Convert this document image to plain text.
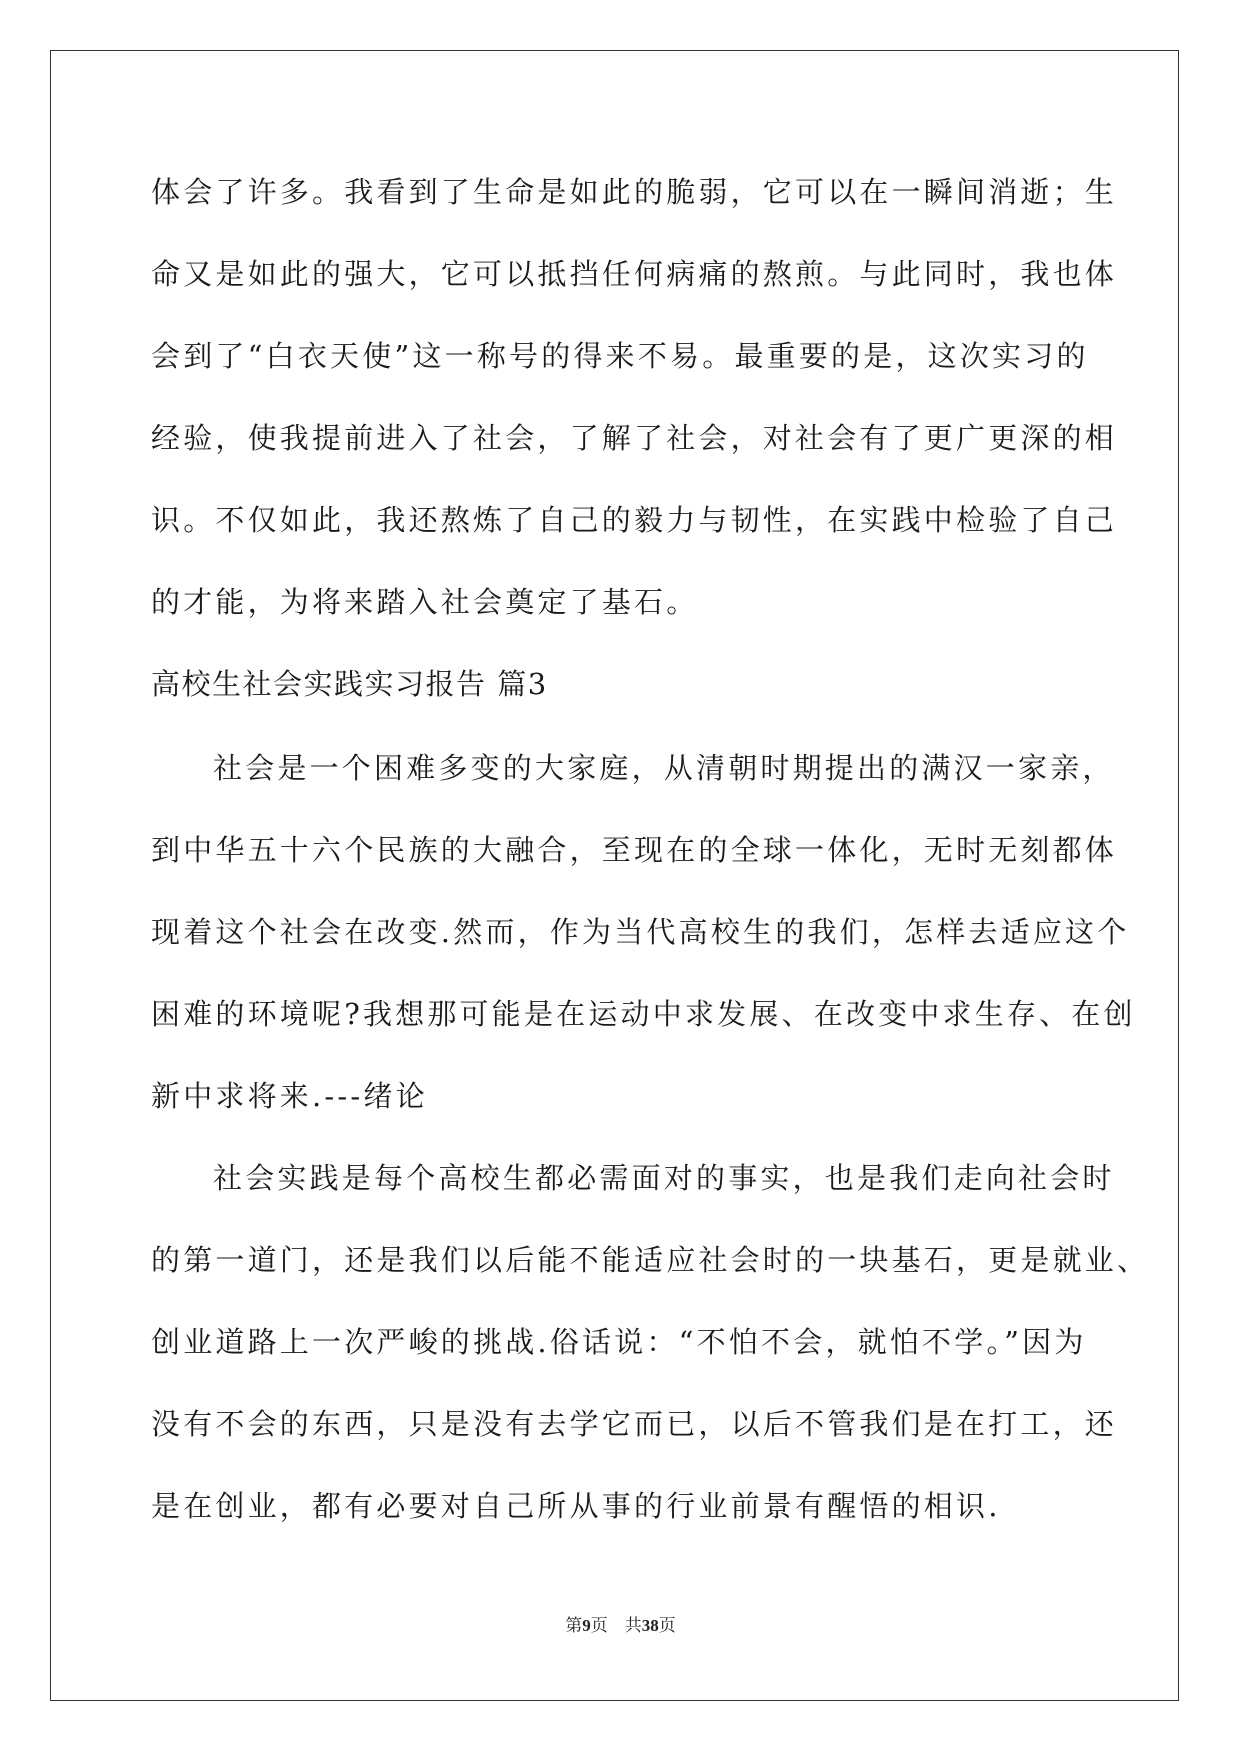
体会了许多。我看到了生命是如此的脆弱，它可以在一瞬间消逝；生
命又是如此的强大，它可以抵挡任何病痛的熬煎。与此同时，我也体
会到了“白衣天使”这一称号的得来不易。最重要的是，这次实习的
经验，使我提前进入了社会，了解了社会，对社会有了更广更深的相
识。不仅如此，我还熬炼了自己的毅力与韧性，在实践中检验了自己
的才能，为将来踏入社会奠定了基石。
高校生社会实践实习报告 篇3
社会是一个困难多变的大家庭，从清朝时期提出的满汉一家亲，
到中华五十六个民族的大融合，至现在的全球一体化，无时无刻都体
现着这个社会在改变.然而，作为当代高校生的我们，怎样去适应这个
困难的环境呢?我想那可能是在运动中求发展、在改变中求生存、在创
新中求将来.---绪论
社会实践是每个高校生都必需面对的事实，也是我们走向社会时
的第一道门，还是我们以后能不能适应社会时的一块基石，更是就业、
创业道路上一次严峻的挑战.俗话说：“不怕不会，就怕不学。”因为
没有不会的东西，只是没有去学它而已，以后不管我们是在打工，还
是在创业，都有必要对自己所从事的行业前景有醒悟的相识.
第9页　共38页
